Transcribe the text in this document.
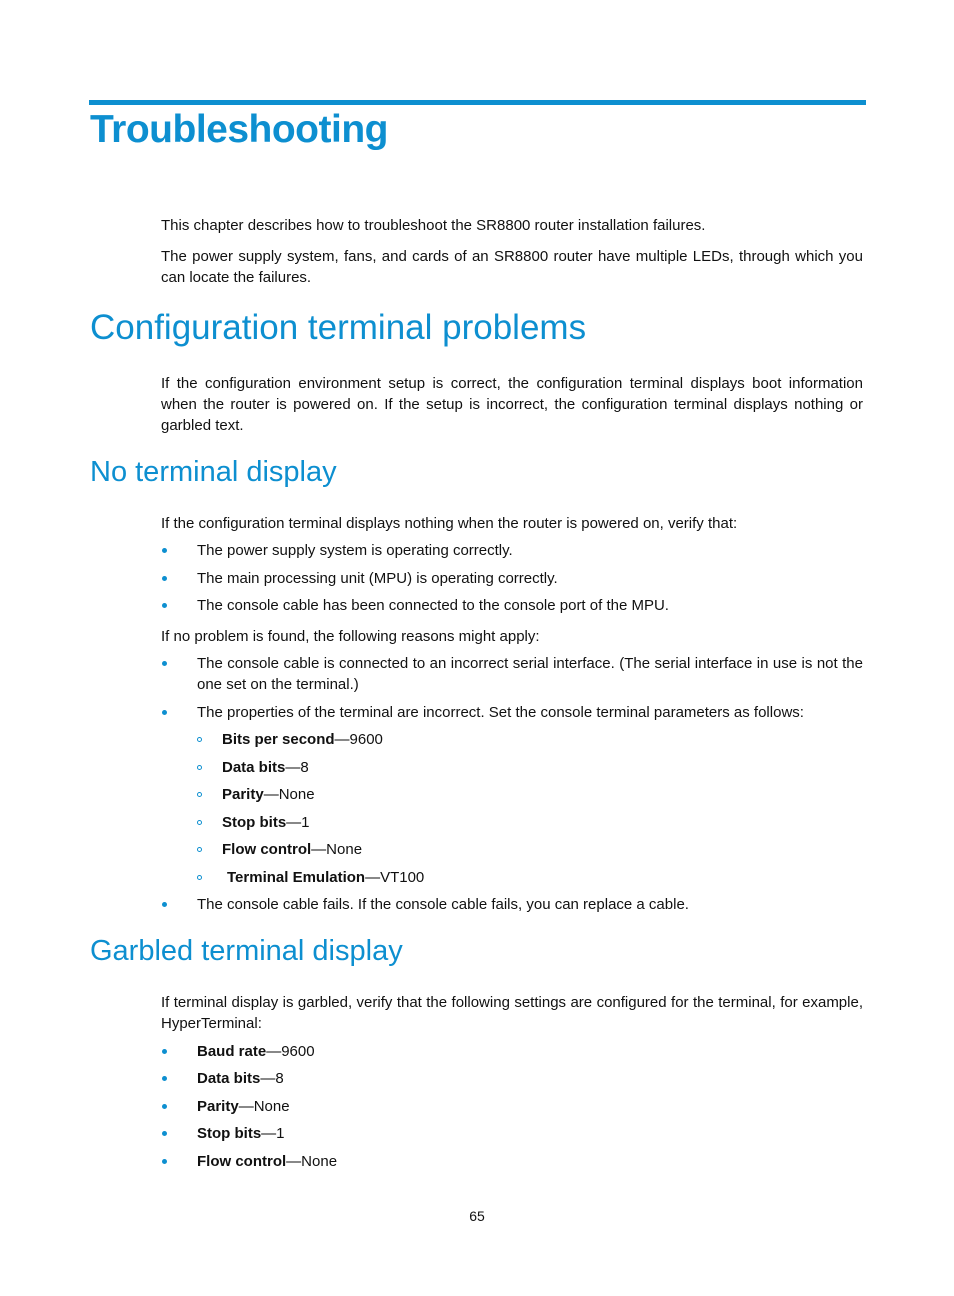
Troubleshooting

This chapter describes how to troubleshoot the SR8800 router installation failures.

The power supply system, fans, and cards of an SR8800 router have multiple LEDs, through which you can locate the failures.

Configuration terminal problems

If the configuration environment setup is correct, the configuration terminal displays boot information when the router is powered on. If the setup is incorrect, the configuration terminal displays nothing or garbled text.

No terminal display

If the configuration terminal displays nothing when the router is powered on, verify that:

The power supply system is operating correctly.

The main processing unit (MPU) is operating correctly.

The console cable has been connected to the console port of the MPU.

If no problem is found, the following reasons might apply:

The console cable is connected to an incorrect serial interface. (The serial interface in use is not the one set on the terminal.)

The properties of the terminal are incorrect. Set the console terminal parameters as follows:

Bits per second—9600

Data bits—8

Parity—None

Stop bits—1

Flow control—None

Terminal Emulation—VT100

The console cable fails. If the console cable fails, you can replace a cable.

Garbled terminal display

If terminal display is garbled, verify that the following settings are configured for the terminal, for example, HyperTerminal:

Baud rate—9600

Data bits—8

Parity—None

Stop bits—1

Flow control—None

65
